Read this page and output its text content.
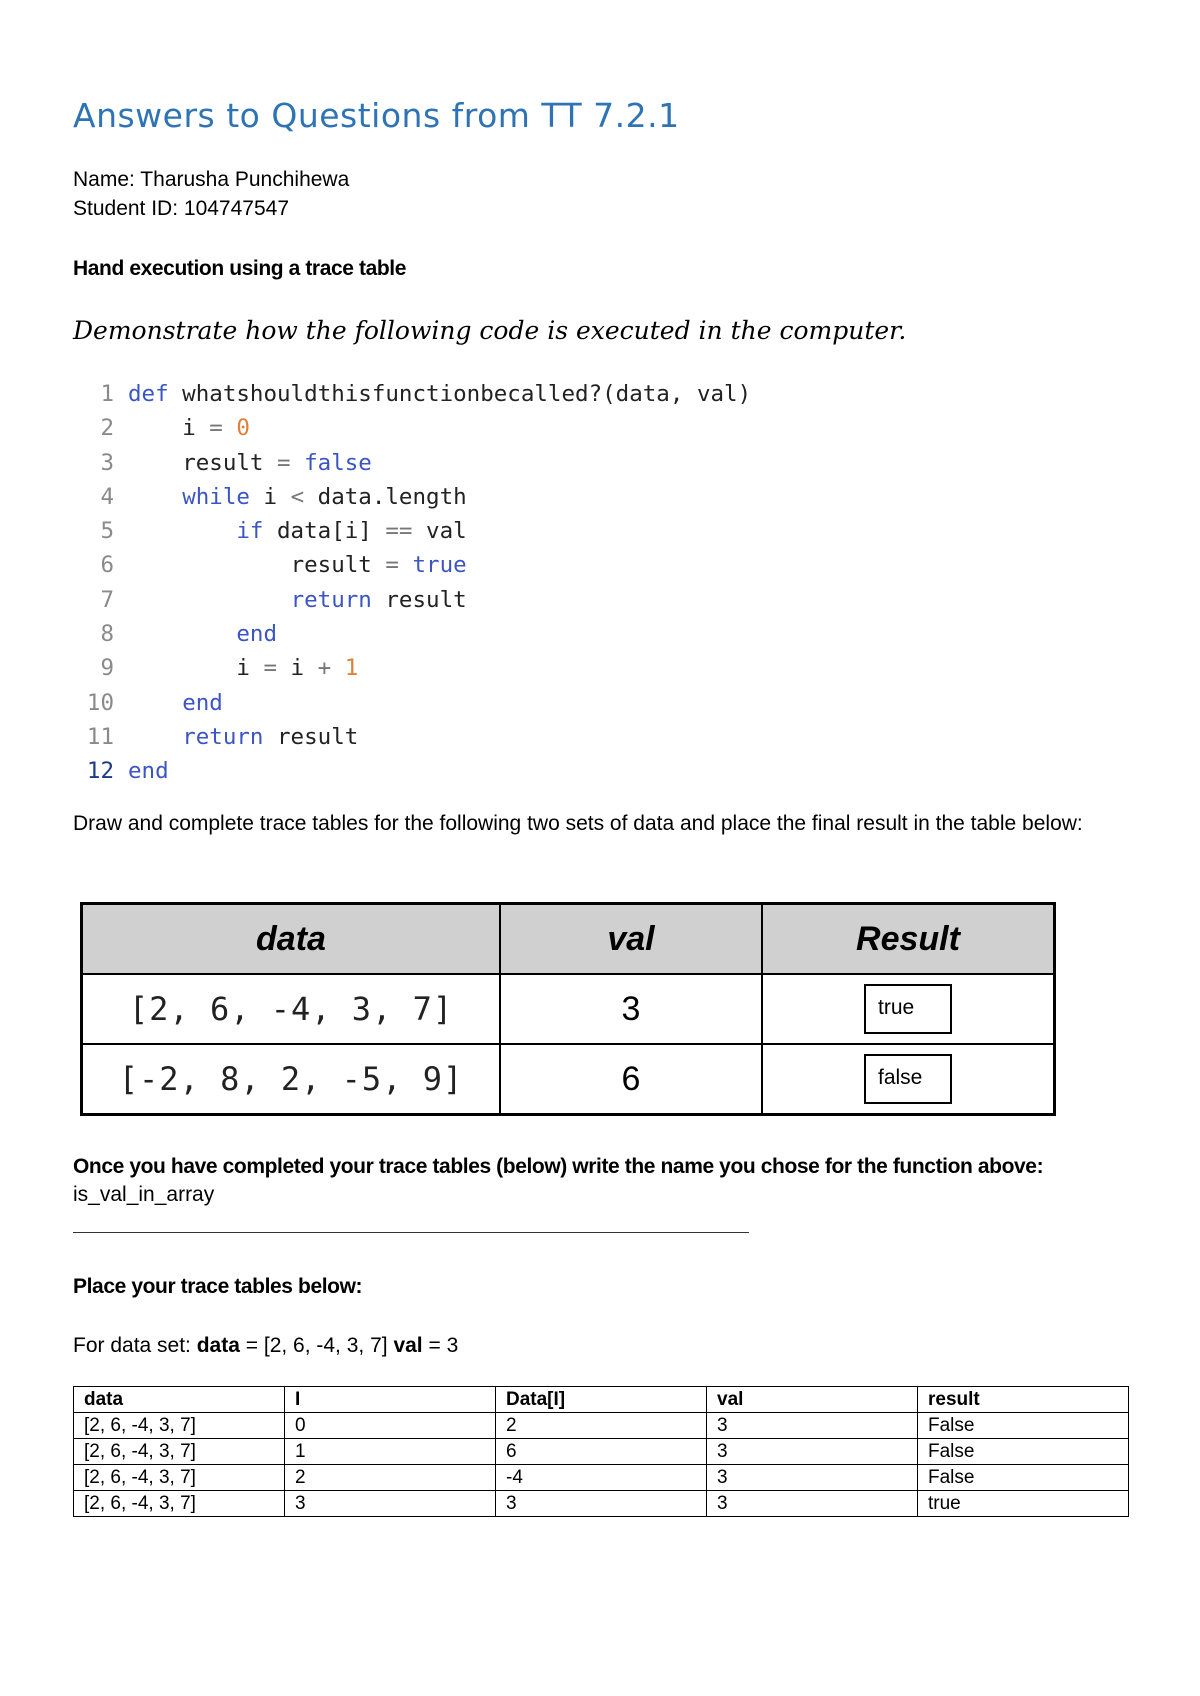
Answers to Questions from TT 7.2.1
Name: Tharusha Punchihewa
Student ID: 104747547
Hand execution using a trace table
Demonstrate how the following code is executed in the computer.
1 def whatshouldthisfunctionbecalled?(data, val)
2	i = 0
3	result = false
4	while i < data.length
5	if data[i] == val
6	result = true
7	return result
8	end
9	i = i + 1
10	end
11	return result
12 end
Draw and complete trace tables for the following two sets of data and place the final result in the table below:
data	val	Result
[2, 6, -4, 3, 7]	3	true
[-2, 8, 2, -5, 9]	6	false
Once you have completed your trace tables (below) write the name you chose for the function above:
is_val_in_array
Place your trace tables below:
For data set: data = [2, 6, -4, 3, 7] val = 3
data	I	Data[I]	val	result
[2, 6, -4, 3, 7]	0	2	3	False
[2, 6, -4, 3, 7]	1	6	3	False
[2, 6, -4, 3, 7]	2	-4	3	False
[2, 6, -4, 3, 7]	3	3	3	true
